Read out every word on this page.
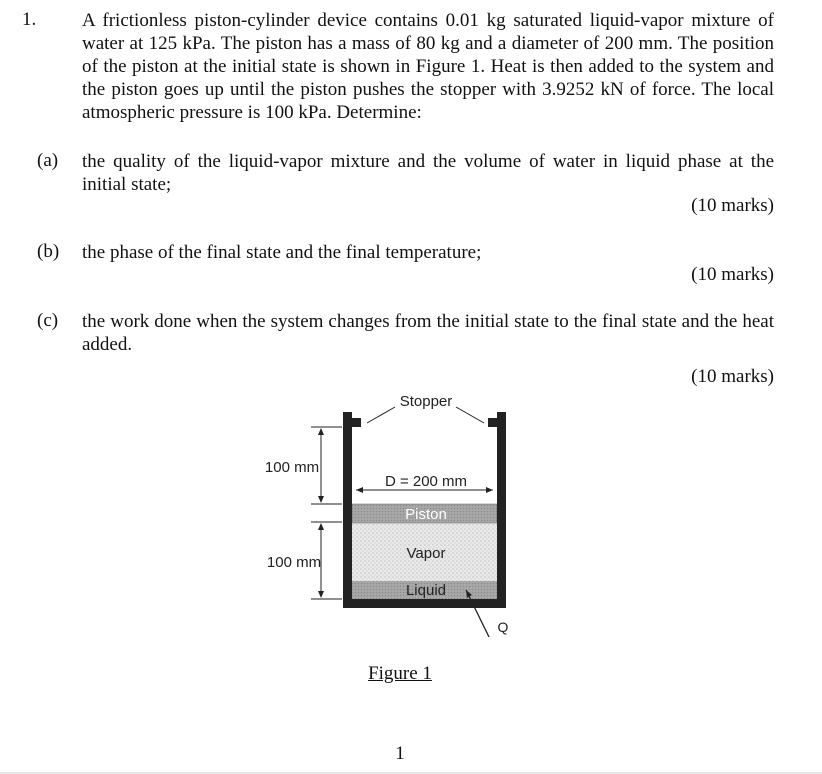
1. A frictionless piston-cylinder device contains 0.01 kg saturated liquid-vapor mixture of water at 125 kPa. The piston has a mass of 80 kg and a diameter of 200 mm. The position of the piston at the initial state is shown in Figure 1. Heat is then added to the system and the piston goes up until the piston pushes the stopper with 3.9252 kN of force. The local atmospheric pressure is 100 kPa. Determine:
(a) the quality of the liquid-vapor mixture and the volume of water in liquid phase at the initial state;
(10 marks)
(b) the phase of the final state and the final temperature;
(10 marks)
(c) the work done when the system changes from the initial state to the final state and the heat added.
(10 marks)
Stopper
D = 200 mm
Piston
Vapor
Liquid
Q
100 mm
100 mm
Figure 1
1
